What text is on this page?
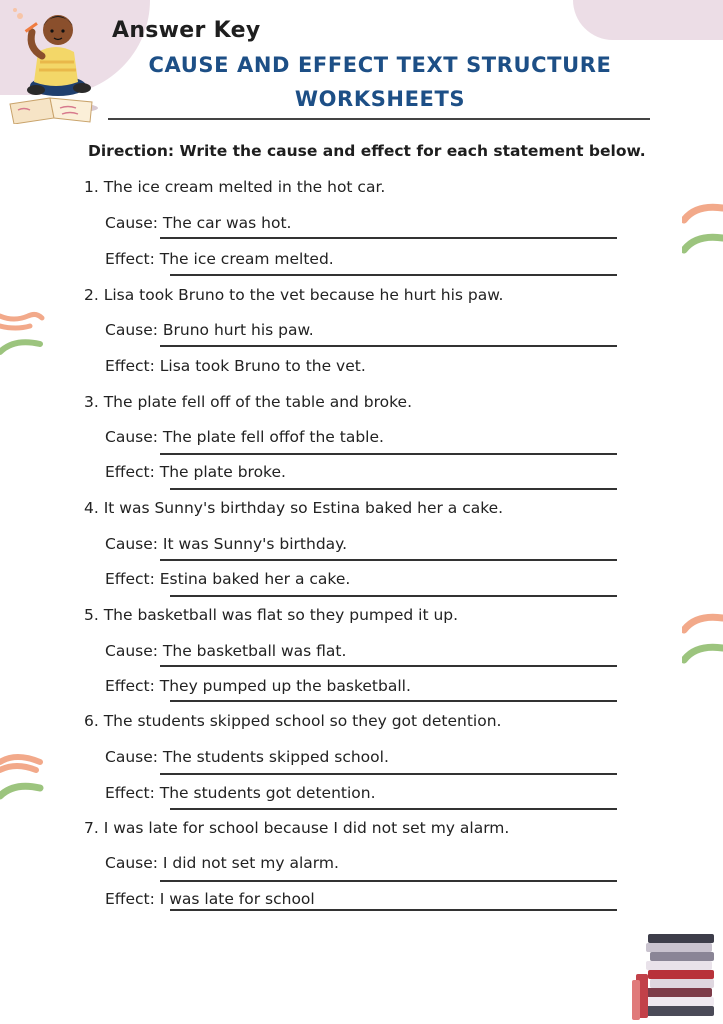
Answer Key
CAUSE AND EFFECT TEXT STRUCTURE
WORKSHEETS
Direction: Write the cause and effect for each statement below.
1. The ice cream melted in the hot car.
Cause: The car was hot.
Effect: The ice cream melted.
2. Lisa took Bruno to the vet because he hurt his paw.
Cause: Bruno hurt his paw.
Effect: Lisa took Bruno to the vet.
3. The plate fell off of the table and broke.
Cause: The plate fell offof the table.
Effect: The plate broke.
4. It was Sunny's birthday so Estina baked her a cake.
Cause: It was Sunny's birthday.
Effect: Estina baked her a cake.
5. The basketball was flat so they pumped it up.
Cause: The basketball was flat.
Effect: They pumped up the basketball.
6. The students skipped school so they got detention.
Cause: The students skipped school.
Effect: The students got detention.
7. I was late for school because I did not set my alarm.
Cause: I did not set my alarm.
Effect: I was late for school
